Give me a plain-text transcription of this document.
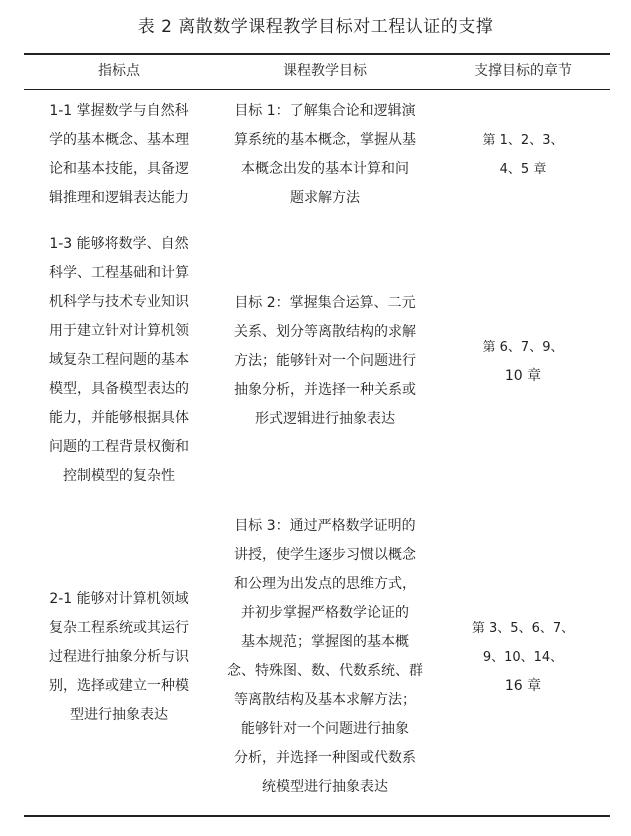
表 2 离散数学课程教学目标对工程认证的支撑
指标点	课程教学目标	支撑目标的章节
1-1 掌握数学与自然科
学的基本概念、基本理
论和基本技能，具备逻
辑推理和逻辑表达能力
目标 1：了解集合论和逻辑演
算系统的基本概念，掌握从基
本概念出发的基本计算和问
题求解方法
第 1、2、3、
4、5 章
1-3 能够将数学、自然
科学、工程基础和计算
机科学与技术专业知识
用于建立针对计算机领
域复杂工程问题的基本
模型，具备模型表达的
能力，并能够根据具体
问题的工程背景权衡和
控制模型的复杂性
目标 2：掌握集合运算、二元
关系、划分等离散结构的求解
方法；能够针对一个问题进行
抽象分析，并选择一种关系或
形式逻辑进行抽象表达
第 6、7、9、
10 章
2-1 能够对计算机领域
复杂工程系统或其运行
过程进行抽象分析与识
别，选择或建立一种模
型进行抽象表达
目标 3：通过严格数学证明的
讲授，使学生逐步习惯以概念
和公理为出发点的思维方式，
并初步掌握严格数学论证的
基本规范；掌握图的基本概
念、特殊图、数、代数系统、群
等离散结构及基本求解方法；
能够针对一个问题进行抽象
分析，并选择一种图或代数系
统模型进行抽象表达
第 3、5、6、7、
9、10、14、
16 章
